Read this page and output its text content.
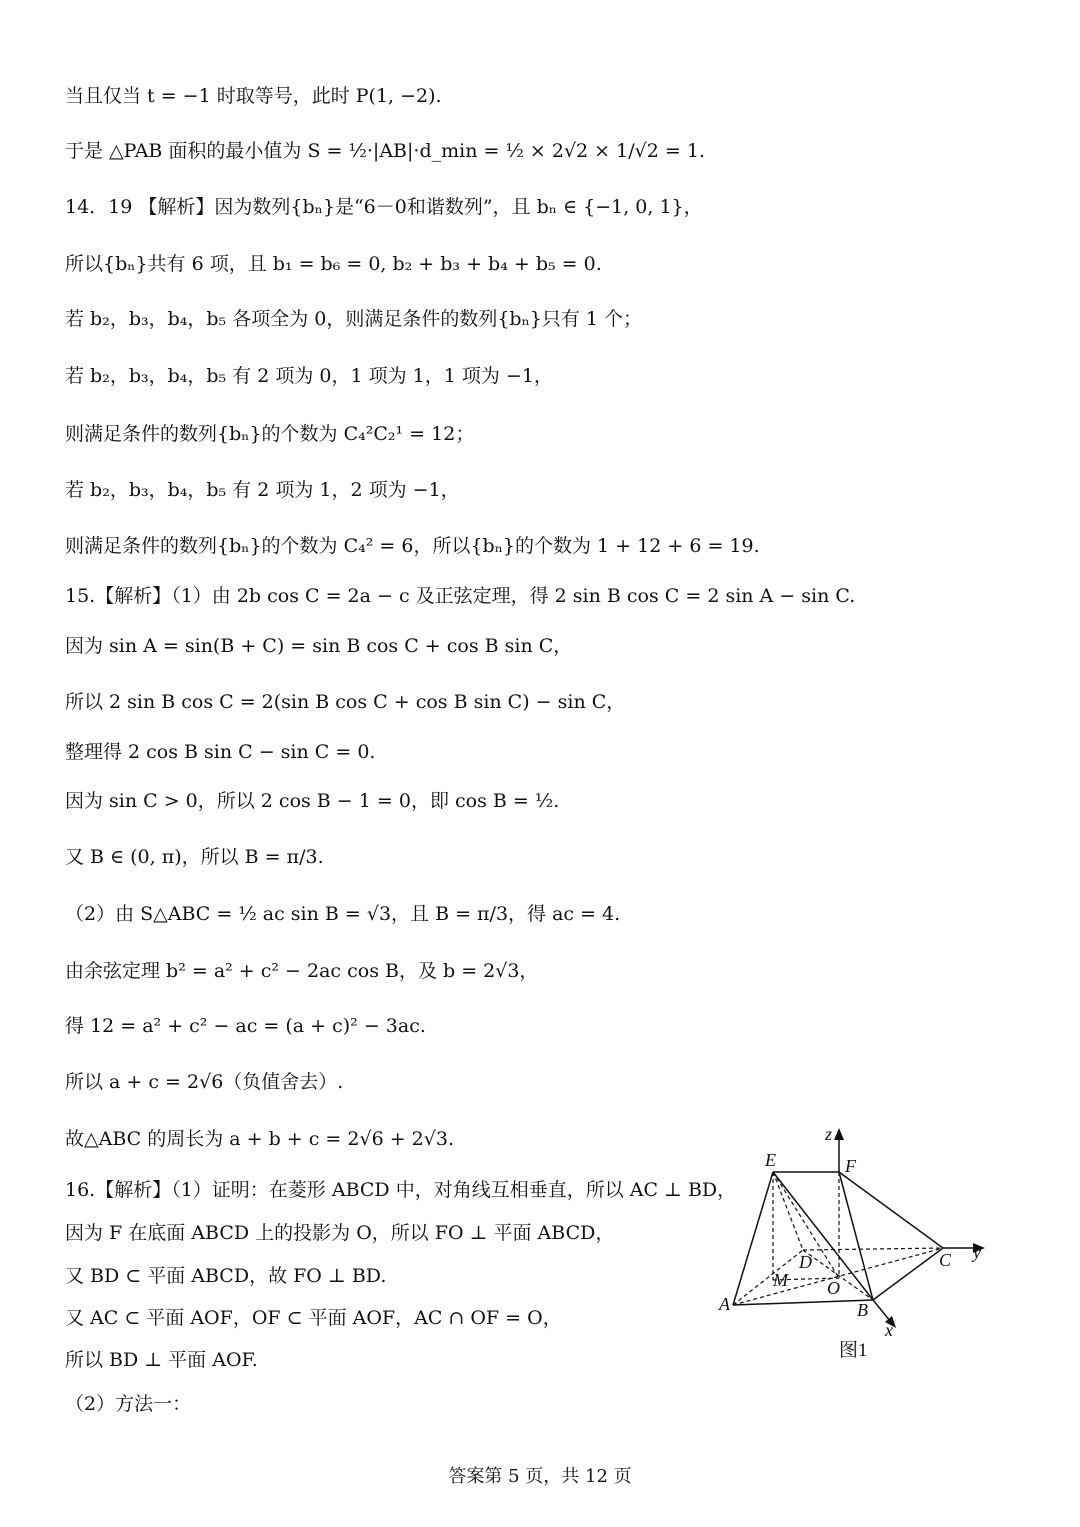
当且仅当 t = −1 时取等号，此时 P(1, −2).
于是 △PAB 面积的最小值为 S = ½·|AB|·d_min = ½ × 2√2 × 1/√2 = 1.
14．19 【解析】因为数列{bₙ}是“6－0和谐数列”，且 bₙ ∈ {−1, 0, 1}，
所以{bₙ}共有 6 项，且 b₁ = b₆ = 0, b₂ + b₃ + b₄ + b₅ = 0.
若 b₂，b₃，b₄，b₅ 各项全为 0，则满足条件的数列{bₙ}只有 1 个；
若 b₂，b₃，b₄，b₅ 有 2 项为 0，1 项为 1，1 项为 −1，
则满足条件的数列{bₙ}的个数为 C₄²C₂¹ = 12；
若 b₂，b₃，b₄，b₅ 有 2 项为 1，2 项为 −1，
则满足条件的数列{bₙ}的个数为 C₄² = 6，所以{bₙ}的个数为 1 + 12 + 6 = 19.
15.【解析】（1）由 2b cos C = 2a − c 及正弦定理，得 2 sin B cos C = 2 sin A − sin C.
因为 sin A = sin(B + C) = sin B cos C + cos B sin C，
所以 2 sin B cos C = 2(sin B cos C + cos B sin C) − sin C，
整理得 2 cos B sin C − sin C = 0.
因为 sin C > 0，所以 2 cos B − 1 = 0，即 cos B = ½.
又 B ∈ (0, π)，所以 B = π/3.
（2）由 S△ABC = ½ ac sin B = √3，且 B = π/3，得 ac = 4.
由余弦定理 b² = a² + c² − 2ac cos B，及 b = 2√3，
得 12 = a² + c² − ac = (a + c)² − 3ac.
所以 a + c = 2√6（负值舍去）.
故△ABC 的周长为 a + b + c = 2√6 + 2√3.
16.【解析】（1）证明：在菱形 ABCD 中，对角线互相垂直，所以 AC ⊥ BD，
因为 F 在底面 ABCD 上的投影为 O，所以 FO ⊥ 平面 ABCD，
又 BD ⊂ 平面 ABCD，故 FO ⊥ BD.
又 AC ⊂ 平面 AOF，OF ⊂ 平面 AOF，AC ∩ OF = O，
所以 BD ⊥ 平面 AOF.
（2）方法一：
E	F
z
y
x
D
M O
A	B
C
图1
答案第 5 页，共 12 页
